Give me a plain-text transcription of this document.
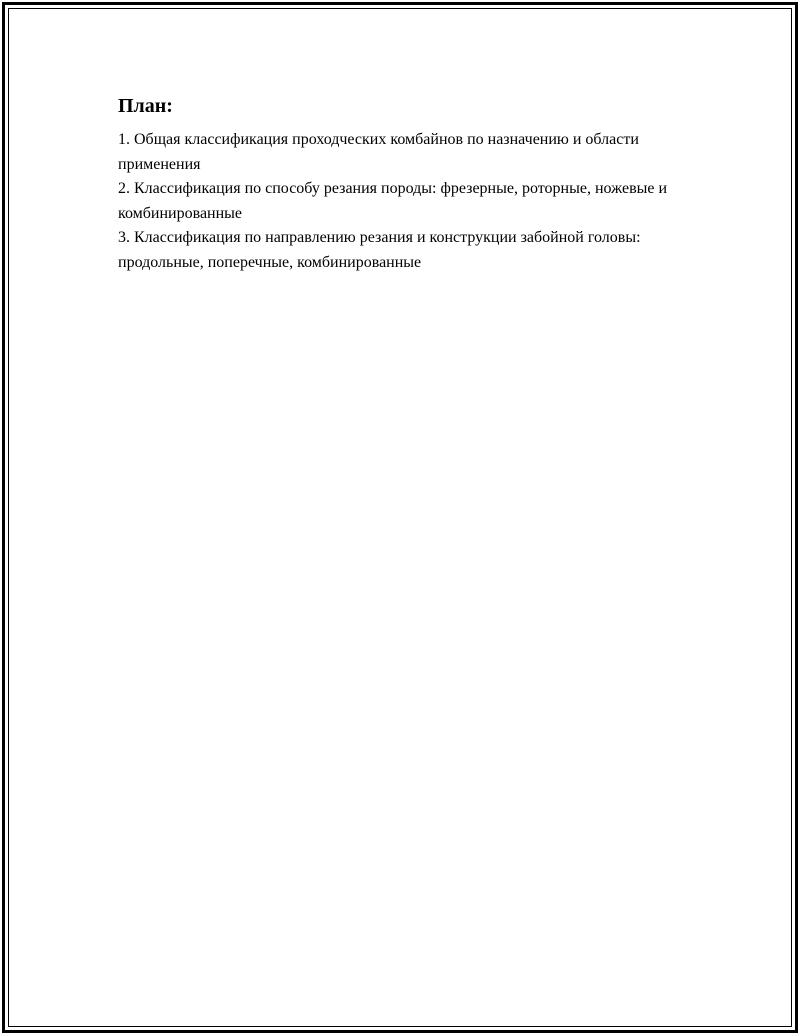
План:
1. Общая классификация проходческих комбайнов по назначению и области применения
2. Классификация по способу резания породы: фрезерные, роторные, ножевые и комбинированные
3. Классификация по направлению резания и конструкции забойной головы: продольные, поперечные, комбинированные
